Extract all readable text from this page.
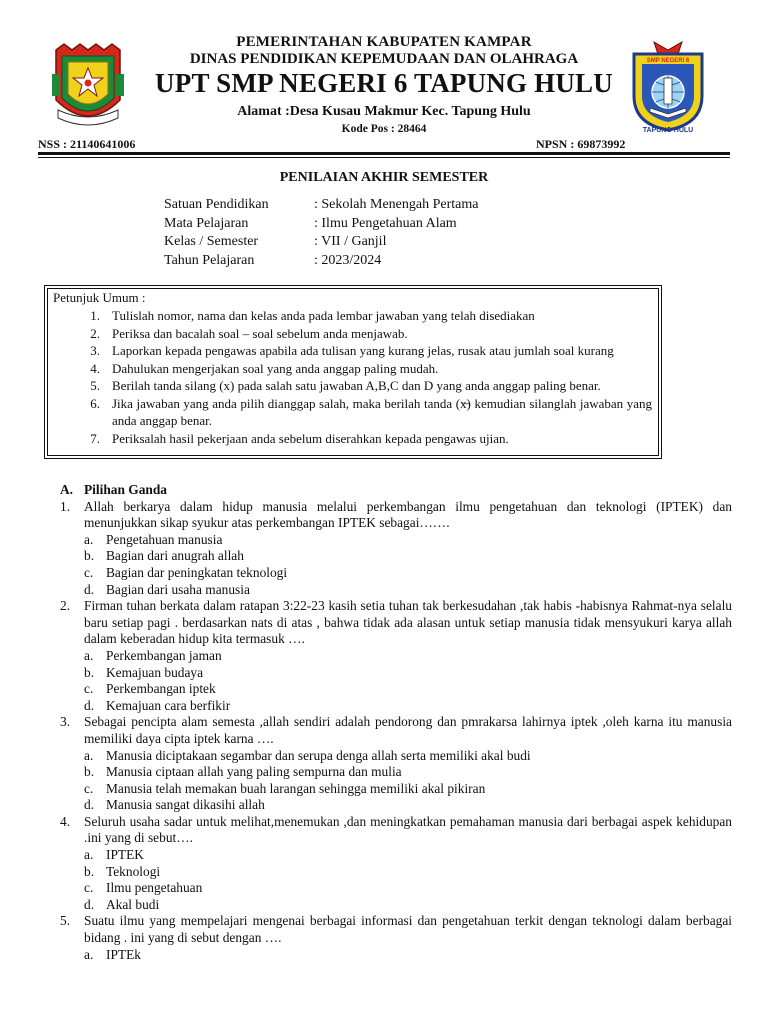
SMP NEGERI 6
TAPUNG HULU
PEMERINTAHAN KABUPATEN KAMPAR
DINAS PENDIDIKAN KEPEMUDAAN DAN OLAHRAGA
UPT SMP NEGERI 6 TAPUNG HULU
Alamat :Desa Kusau Makmur Kec. Tapung Hulu
Kode Pos : 28464
NSS : 21140641006	NPSN : 69873992
PENILAIAN AKHIR SEMESTER
Satuan Pendidikan	: Sekolah Menengah Pertama
Mata Pelajaran	: Ilmu Pengetahuan Alam
Kelas / Semester	: VII / Ganjil
Tahun Pelajaran	: 2023/2024
Petunjuk Umum :
1. Tulislah nomor, nama dan kelas anda pada lembar jawaban yang telah disediakan
2. Periksa dan bacalah soal – soal sebelum anda menjawab.
3. Laporkan kepada pengawas apabila ada tulisan yang kurang jelas, rusak atau jumlah soal kurang
4. Dahulukan mengerjakan soal yang anda anggap paling mudah.
5. Berilah tanda silang (x) pada salah satu jawaban A,B,C dan D yang anda anggap paling benar.
6. Jika jawaban yang anda pilih dianggap salah, maka berilah tanda (x̶) kemudian silanglah jawaban yang anda anggap benar.
7. Periksalah hasil pekerjaan anda sebelum diserahkan kepada pengawas ujian.
A. Pilihan Ganda
1.	Allah berkarya dalam hidup manusia melalui perkembangan ilmu pengetahuan dan teknologi (IPTEK) dan menunjukkan sikap syukur atas perkembangan IPTEK sebagai…….
a. Pengetahuan manusia
b. Bagian dari anugrah allah
c. Bagian dar peningkatan teknologi
d. Bagian dari usaha manusia
2.	Firman tuhan berkata dalam ratapan 3:22-23 kasih setia tuhan tak berkesudahan ,tak habis -habisnya Rahmat-nya selalu baru setiap pagi . berdasarkan nats di atas , bahwa tidak ada alasan untuk setiap manusia tidak mensyukuri karya allah dalam keberadan hidup kita termasuk ….
a. Perkembangan jaman
b. Kemajuan budaya
c. Perkembangan iptek
d. Kemajuan cara berfikir
3.	Sebagai pencipta alam semesta ,allah sendiri adalah pendorong dan pmrakarsa lahirnya iptek ,oleh karna itu manusia memiliki daya cipta iptek karna ….
a. Manusia diciptakaan segambar dan serupa denga allah serta memiliki akal budi
b. Manusia ciptaan allah yang paling sempurna dan mulia
c. Manusia telah memakan buah larangan sehingga memiliki akal pikiran
d. Manusia sangat dikasihi allah
4.	Seluruh usaha sadar untuk melihat,menemukan ,dan meningkatkan pemahaman manusia dari berbagai aspek kehidupan .ini yang di sebut….
a. IPTEK
b. Teknologi
c. Ilmu pengetahuan
d. Akal budi
5.	Suatu ilmu yang mempelajari mengenai berbagai informasi dan pengetahuan terkit dengan teknologi dalam berbagai bidang . ini yang di sebut dengan ….
a. IPTEk
